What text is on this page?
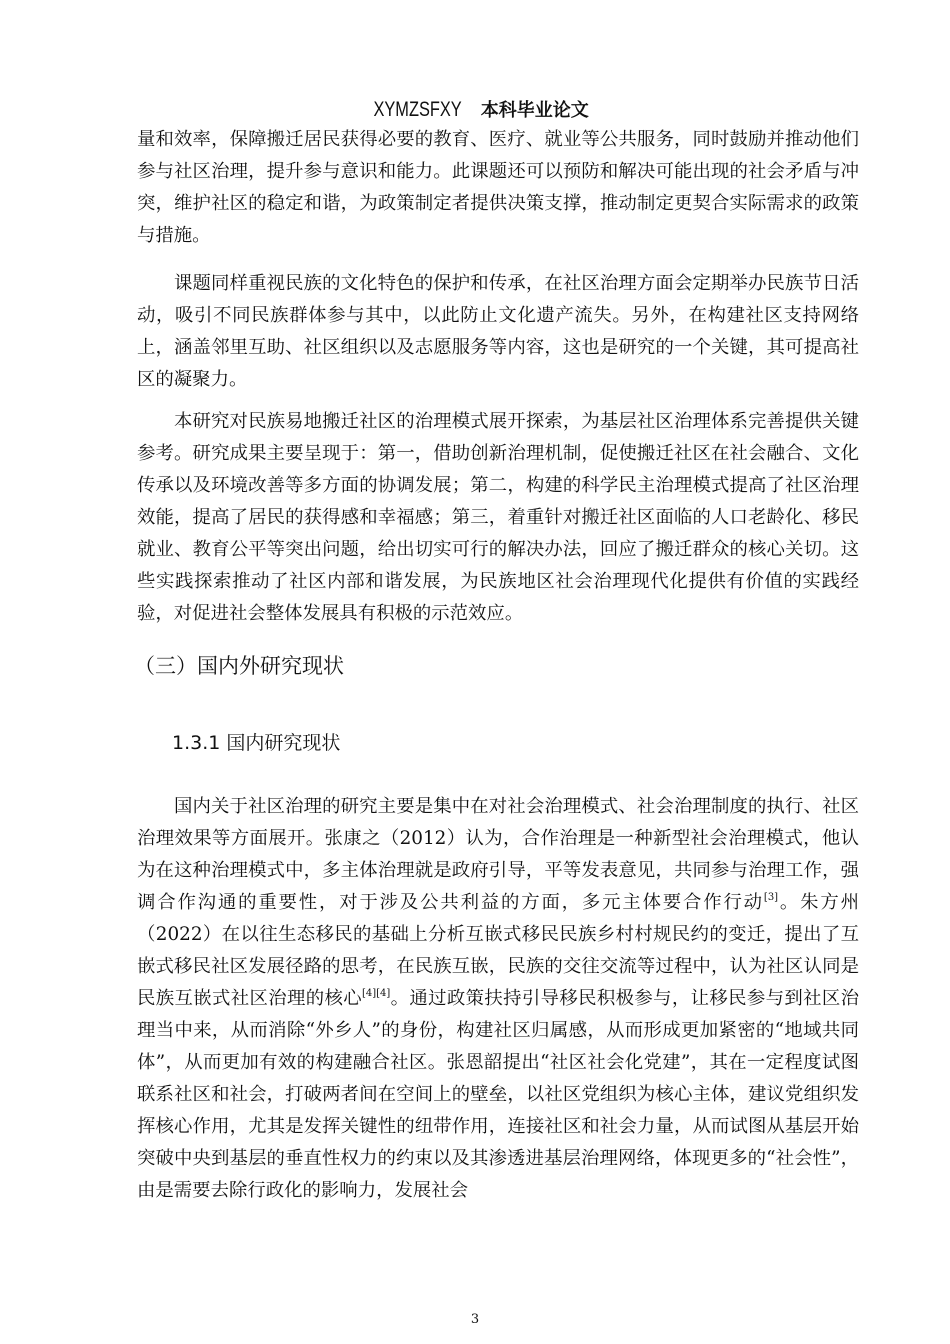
XYMZSFXY 本科毕业论文

量和效率，保障搬迁居民获得必要的教育、医疗、就业等公共服务，同时鼓励并推动他们参与社区治理，提升参与意识和能力。此课题还可以预防和解决可能出现的社会矛盾与冲突，维护社区的稳定和谐，为政策制定者提供决策支撑，推动制定更契合实际需求的政策与措施。

课题同样重视民族的文化特色的保护和传承，在社区治理方面会定期举办民族节日活动，吸引不同民族群体参与其中，以此防止文化遗产流失。另外，在构建社区支持网络上，涵盖邻里互助、社区组织以及志愿服务等内容，这也是研究的一个关键，其可提高社区的凝聚力。

本研究对民族易地搬迁社区的治理模式展开探索，为基层社区治理体系完善提供关键参考。研究成果主要呈现于：第一，借助创新治理机制，促使搬迁社区在社会融合、文化传承以及环境改善等多方面的协调发展；第二，构建的科学民主治理模式提高了社区治理效能，提高了居民的获得感和幸福感；第三，着重针对搬迁社区面临的人口老龄化、移民就业、教育公平等突出问题，给出切实可行的解决办法，回应了搬迁群众的核心关切。这些实践探索推动了社区内部和谐发展，为民族地区社会治理现代化提供有价值的实践经验，对促进社会整体发展具有积极的示范效应。

（三）国内外研究现状
1.3.1 国内研究现状

国内关于社区治理的研究主要是集中在对社会治理模式、社会治理制度的执行、社区治理效果等方面展开。张康之（2012）认为，合作治理是一种新型社会治理模式，他认为在这种治理模式中，多主体治理就是政府引导，平等发表意见，共同参与治理工作，强调合作沟通的重要性，对于涉及公共利益的方面，多元主体要合作行动[3]。朱方州（2022）在以往生态移民的基础上分析互嵌式移民民族乡村村规民约的变迁，提出了互嵌式移民社区发展径路的思考，在民族互嵌，民族的交往交流等过程中，认为社区认同是民族互嵌式社区治理的核心[4][4]。通过政策扶持引导移民积极参与，让移民参与到社区治理当中来，从而消除“外乡人”的身份，构建社区归属感，从而形成更加紧密的“地域共同体”，从而更加有效的构建融合社区。张恩韶提出“社区社会化党建”，其在一定程度试图联系社区和社会，打破两者间在空间上的壁垒，以社区党组织为核心主体，建议党组织发挥核心作用，尤其是发挥关键性的纽带作用，连接社区和社会力量，从而试图从基层开始突破中央到基层的垂直性权力的约束以及其渗透进基层治理网络，体现更多的“社会性”，由是需要去除行政化的影响力，发展社会

3
